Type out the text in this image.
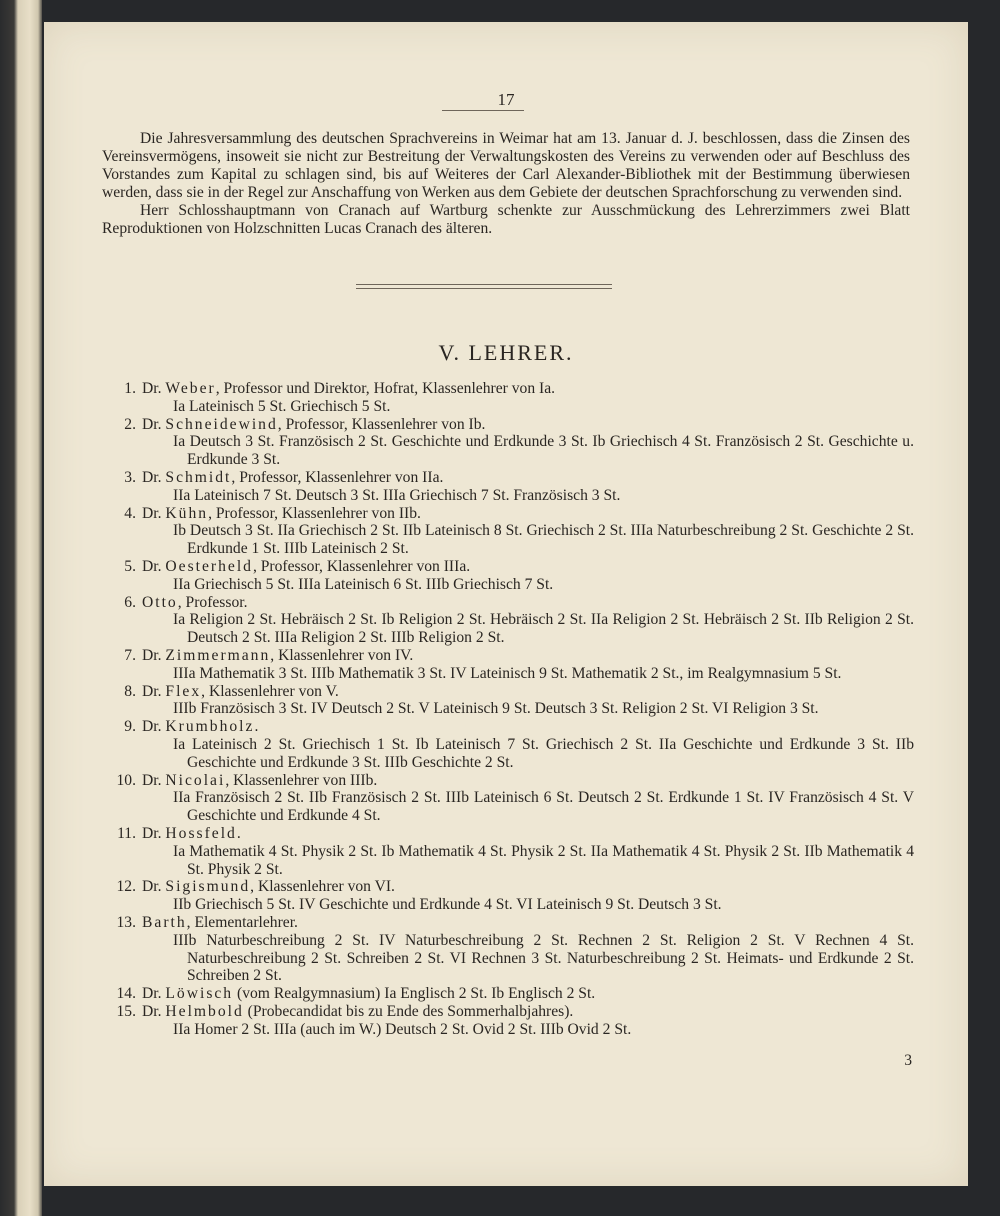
17

Die Jahresversammlung des deutschen Sprachvereins in Weimar hat am 13. Januar d. J. beschlossen, dass die Zinsen des Vereinsvermögens, insoweit sie nicht zur Bestreitung der Verwaltungskosten des Vereins zu verwenden oder auf Beschluss des Vorstandes zum Kapital zu schlagen sind, bis auf Weiteres der Carl Alexander-Bibliothek mit der Bestimmung überwiesen werden, dass sie in der Regel zur Anschaffung von Werken aus dem Gebiete der deutschen Sprachforschung zu verwenden sind.

Herr Schlosshauptmann von Cranach auf Wartburg schenkte zur Ausschmückung des Lehrerzimmers zwei Blatt Reproduktionen von Holzschnitten Lucas Cranach des älteren.

V. LEHRER.
1. Dr. Weber, Professor und Direktor, Hofrat, Klassenlehrer von Ia.
Ia Lateinisch 5 St. Griechisch 5 St.
2. Dr. Schneidewind, Professor, Klassenlehrer von Ib.
Ia Deutsch 3 St. Französisch 2 St. Geschichte und Erdkunde 3 St. Ib Griechisch 4 St. Französisch 2 St. Geschichte u. Erdkunde 3 St.
3. Dr. Schmidt, Professor, Klassenlehrer von IIa.
IIa Lateinisch 7 St. Deutsch 3 St. IIIa Griechisch 7 St. Französisch 3 St.
4. Dr. Kühn, Professor, Klassenlehrer von IIb.
Ib Deutsch 3 St. IIa Griechisch 2 St. IIb Lateinisch 8 St. Griechisch 2 St. IIIa Naturbeschreibung 2 St. Geschichte 2 St. Erdkunde 1 St. IIIb Lateinisch 2 St.
5. Dr. Oesterheld, Professor, Klassenlehrer von IIIa.
IIa Griechisch 5 St. IIIa Lateinisch 6 St. IIIb Griechisch 7 St.
6. Otto, Professor.
Ia Religion 2 St. Hebräisch 2 St. Ib Religion 2 St. Hebräisch 2 St. IIa Religion 2 St. Hebräisch 2 St. IIb Religion 2 St. Deutsch 2 St. IIIa Religion 2 St. IIIb Religion 2 St.
7. Dr. Zimmermann, Klassenlehrer von IV.
IIIa Mathematik 3 St. IIIb Mathematik 3 St. IV Lateinisch 9 St. Mathematik 2 St., im Realgymnasium 5 St.
8. Dr. Flex, Klassenlehrer von V.
IIIb Französisch 3 St. IV Deutsch 2 St. V Lateinisch 9 St. Deutsch 3 St. Religion 2 St. VI Religion 3 St.
9. Dr. Krumbholz.
Ia Lateinisch 2 St. Griechisch 1 St. Ib Lateinisch 7 St. Griechisch 2 St. IIa Geschichte und Erdkunde 3 St. IIb Geschichte und Erdkunde 3 St. IIIb Geschichte 2 St.
10. Dr. Nicolai, Klassenlehrer von IIIb.
IIa Französisch 2 St. IIb Französisch 2 St. IIIb Lateinisch 6 St. Deutsch 2 St. Erdkunde 1 St. IV Französisch 4 St. V Geschichte und Erdkunde 4 St.
11. Dr. Hossfeld.
Ia Mathematik 4 St. Physik 2 St. Ib Mathematik 4 St. Physik 2 St. IIa Mathematik 4 St. Physik 2 St. IIb Mathematik 4 St. Physik 2 St.
12. Dr. Sigismund, Klassenlehrer von VI.
IIb Griechisch 5 St. IV Geschichte und Erdkunde 4 St. VI Lateinisch 9 St. Deutsch 3 St.
13. Barth, Elementarlehrer.
IIIb Naturbeschreibung 2 St. IV Naturbeschreibung 2 St. Rechnen 2 St. Religion 2 St. V Rechnen 4 St. Naturbeschreibung 2 St. Schreiben 2 St. VI Rechnen 3 St. Naturbeschreibung 2 St. Heimats- und Erdkunde 2 St. Schreiben 2 St.
14. Dr. Löwisch (vom Realgymnasium) Ia Englisch 2 St. Ib Englisch 2 St.
15. Dr. Helmbold (Probecandidat bis zu Ende des Sommerhalbjahres).
IIa Homer 2 St. IIIa (auch im W.) Deutsch 2 St. Ovid 2 St. IIIb Ovid 2 St.
3
